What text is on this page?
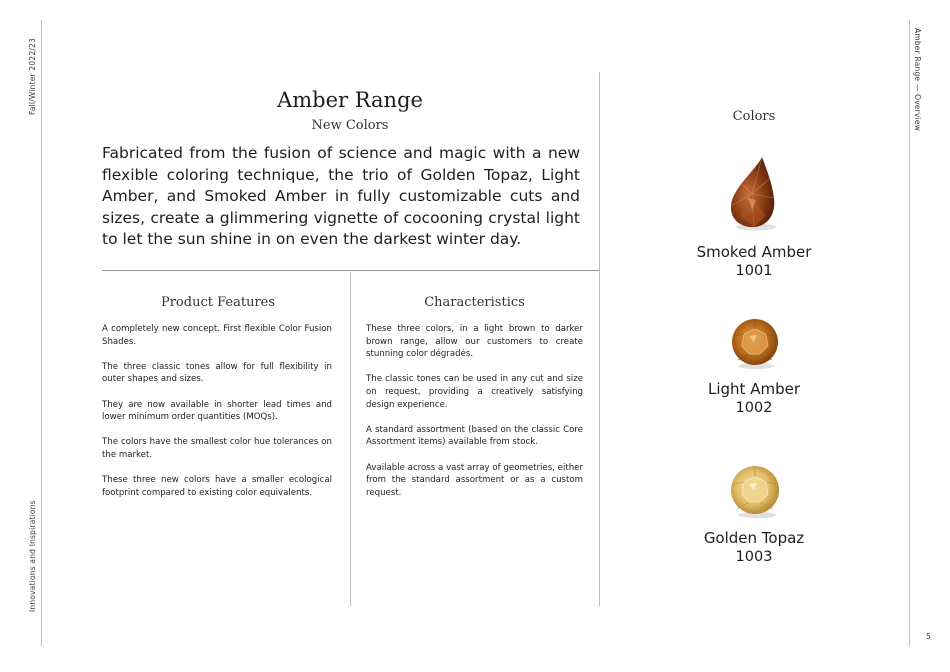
Fall/Winter 2022/23
Innovations and Inspirations
Amber Range — Overview
Amber Range
New Colors

Fabricated from the fusion of science and magic with a new flexible coloring technique, the trio of Golden Topaz, Light Amber, and Smoked Amber in fully customizable cuts and sizes, create a glimmering vignette of cocooning crystal light to let the sun shine in on even the darkest winter day.

Product Features

A completely new concept. First flexible Color Fusion Shades.

The three classic tones allow for full flexibility in outer shapes and sizes.

They are now available in shorter lead times and lower minimum order quantities (MOQs).

The colors have the smallest color hue tolerances on the market.

These three new colors have a smaller ecological footprint compared to existing color equivalents.

Characteristics

These three colors, in a light brown to darker brown range, allow our customers to create stunning color dégradés.

The classic tones can be used in any cut and size on request, providing a creatively satisfying design experience.

A standard assortment (based on the classic Core Assortment items) available from stock.

Available across a vast array of geometries, either from the standard assortment or as a custom request.

Colors
Smoked Amber
1001
Light Amber
1002
Golden Topaz
1003
5
